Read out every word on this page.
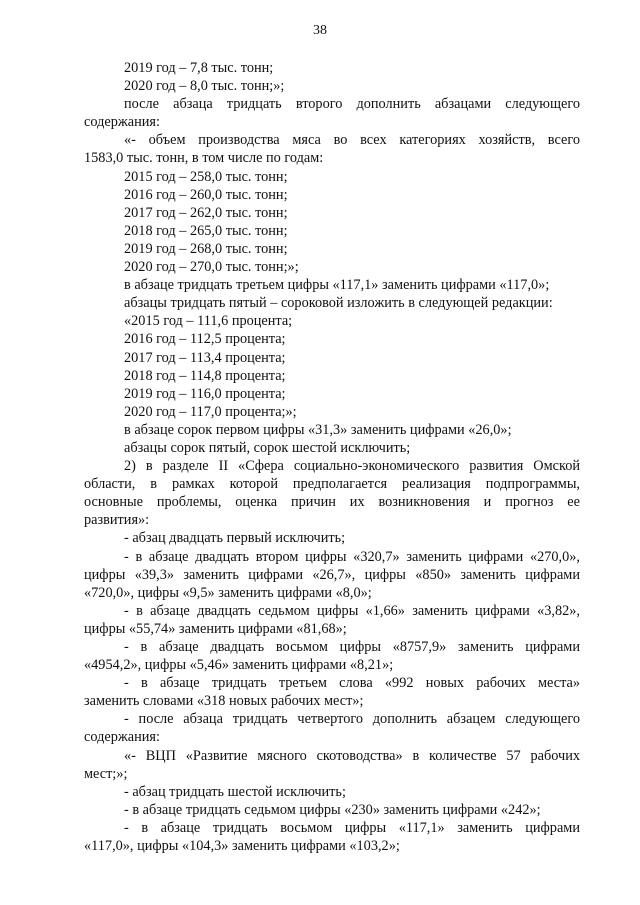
38
2019 год – 7,8 тыс. тонн;
2020 год – 8,0 тыс. тонн;»;
после абзаца тридцать второго дополнить абзацами следующего
содержания:
«- объем производства мяса во всех категориях хозяйств, всего
1583,0 тыс. тонн, в том числе по годам:
2015 год – 258,0 тыс. тонн;
2016 год – 260,0 тыс. тонн;
2017 год – 262,0 тыс. тонн;
2018 год – 265,0 тыс. тонн;
2019 год – 268,0 тыс. тонн;
2020 год – 270,0 тыс. тонн;»;
в абзаце тридцать третьем цифры «117,1» заменить цифрами «117,0»;
абзацы тридцать пятый – сороковой изложить в следующей редакции:
«2015 год – 111,6 процента;
2016 год – 112,5 процента;
2017 год – 113,4 процента;
2018 год – 114,8 процента;
2019 год – 116,0 процента;
2020 год – 117,0 процента;»;
в абзаце сорок первом цифры «31,3» заменить цифрами «26,0»;
абзацы сорок пятый, сорок шестой исключить;
2) в разделе II «Сфера социально-экономического развития Омской
области, в рамках которой предполагается реализация подпрограммы,
основные проблемы, оценка причин их возникновения и прогноз ее
развития»:
- абзац двадцать первый исключить;
- в абзаце двадцать втором цифры «320,7» заменить цифрами «270,0»,
цифры «39,3» заменить цифрами «26,7», цифры «850» заменить цифрами
«720,0», цифры «9,5» заменить цифрами «8,0»;
- в абзаце двадцать седьмом цифры «1,66» заменить цифрами «3,82»,
цифры «55,74» заменить цифрами «81,68»;
- в абзаце двадцать восьмом цифры «8757,9» заменить цифрами
«4954,2», цифры «5,46» заменить цифрами «8,21»;
- в абзаце тридцать третьем слова «992 новых рабочих места»
заменить словами «318 новых рабочих мест»;
- после абзаца тридцать четвертого дополнить абзацем следующего
содержания:
«- ВЦП «Развитие мясного скотоводства» в количестве 57 рабочих
мест;»;
- абзац тридцать шестой исключить;
- в абзаце тридцать седьмом цифры «230» заменить цифрами «242»;
- в абзаце тридцать восьмом цифры «117,1» заменить цифрами
«117,0», цифры «104,3» заменить цифрами «103,2»;
